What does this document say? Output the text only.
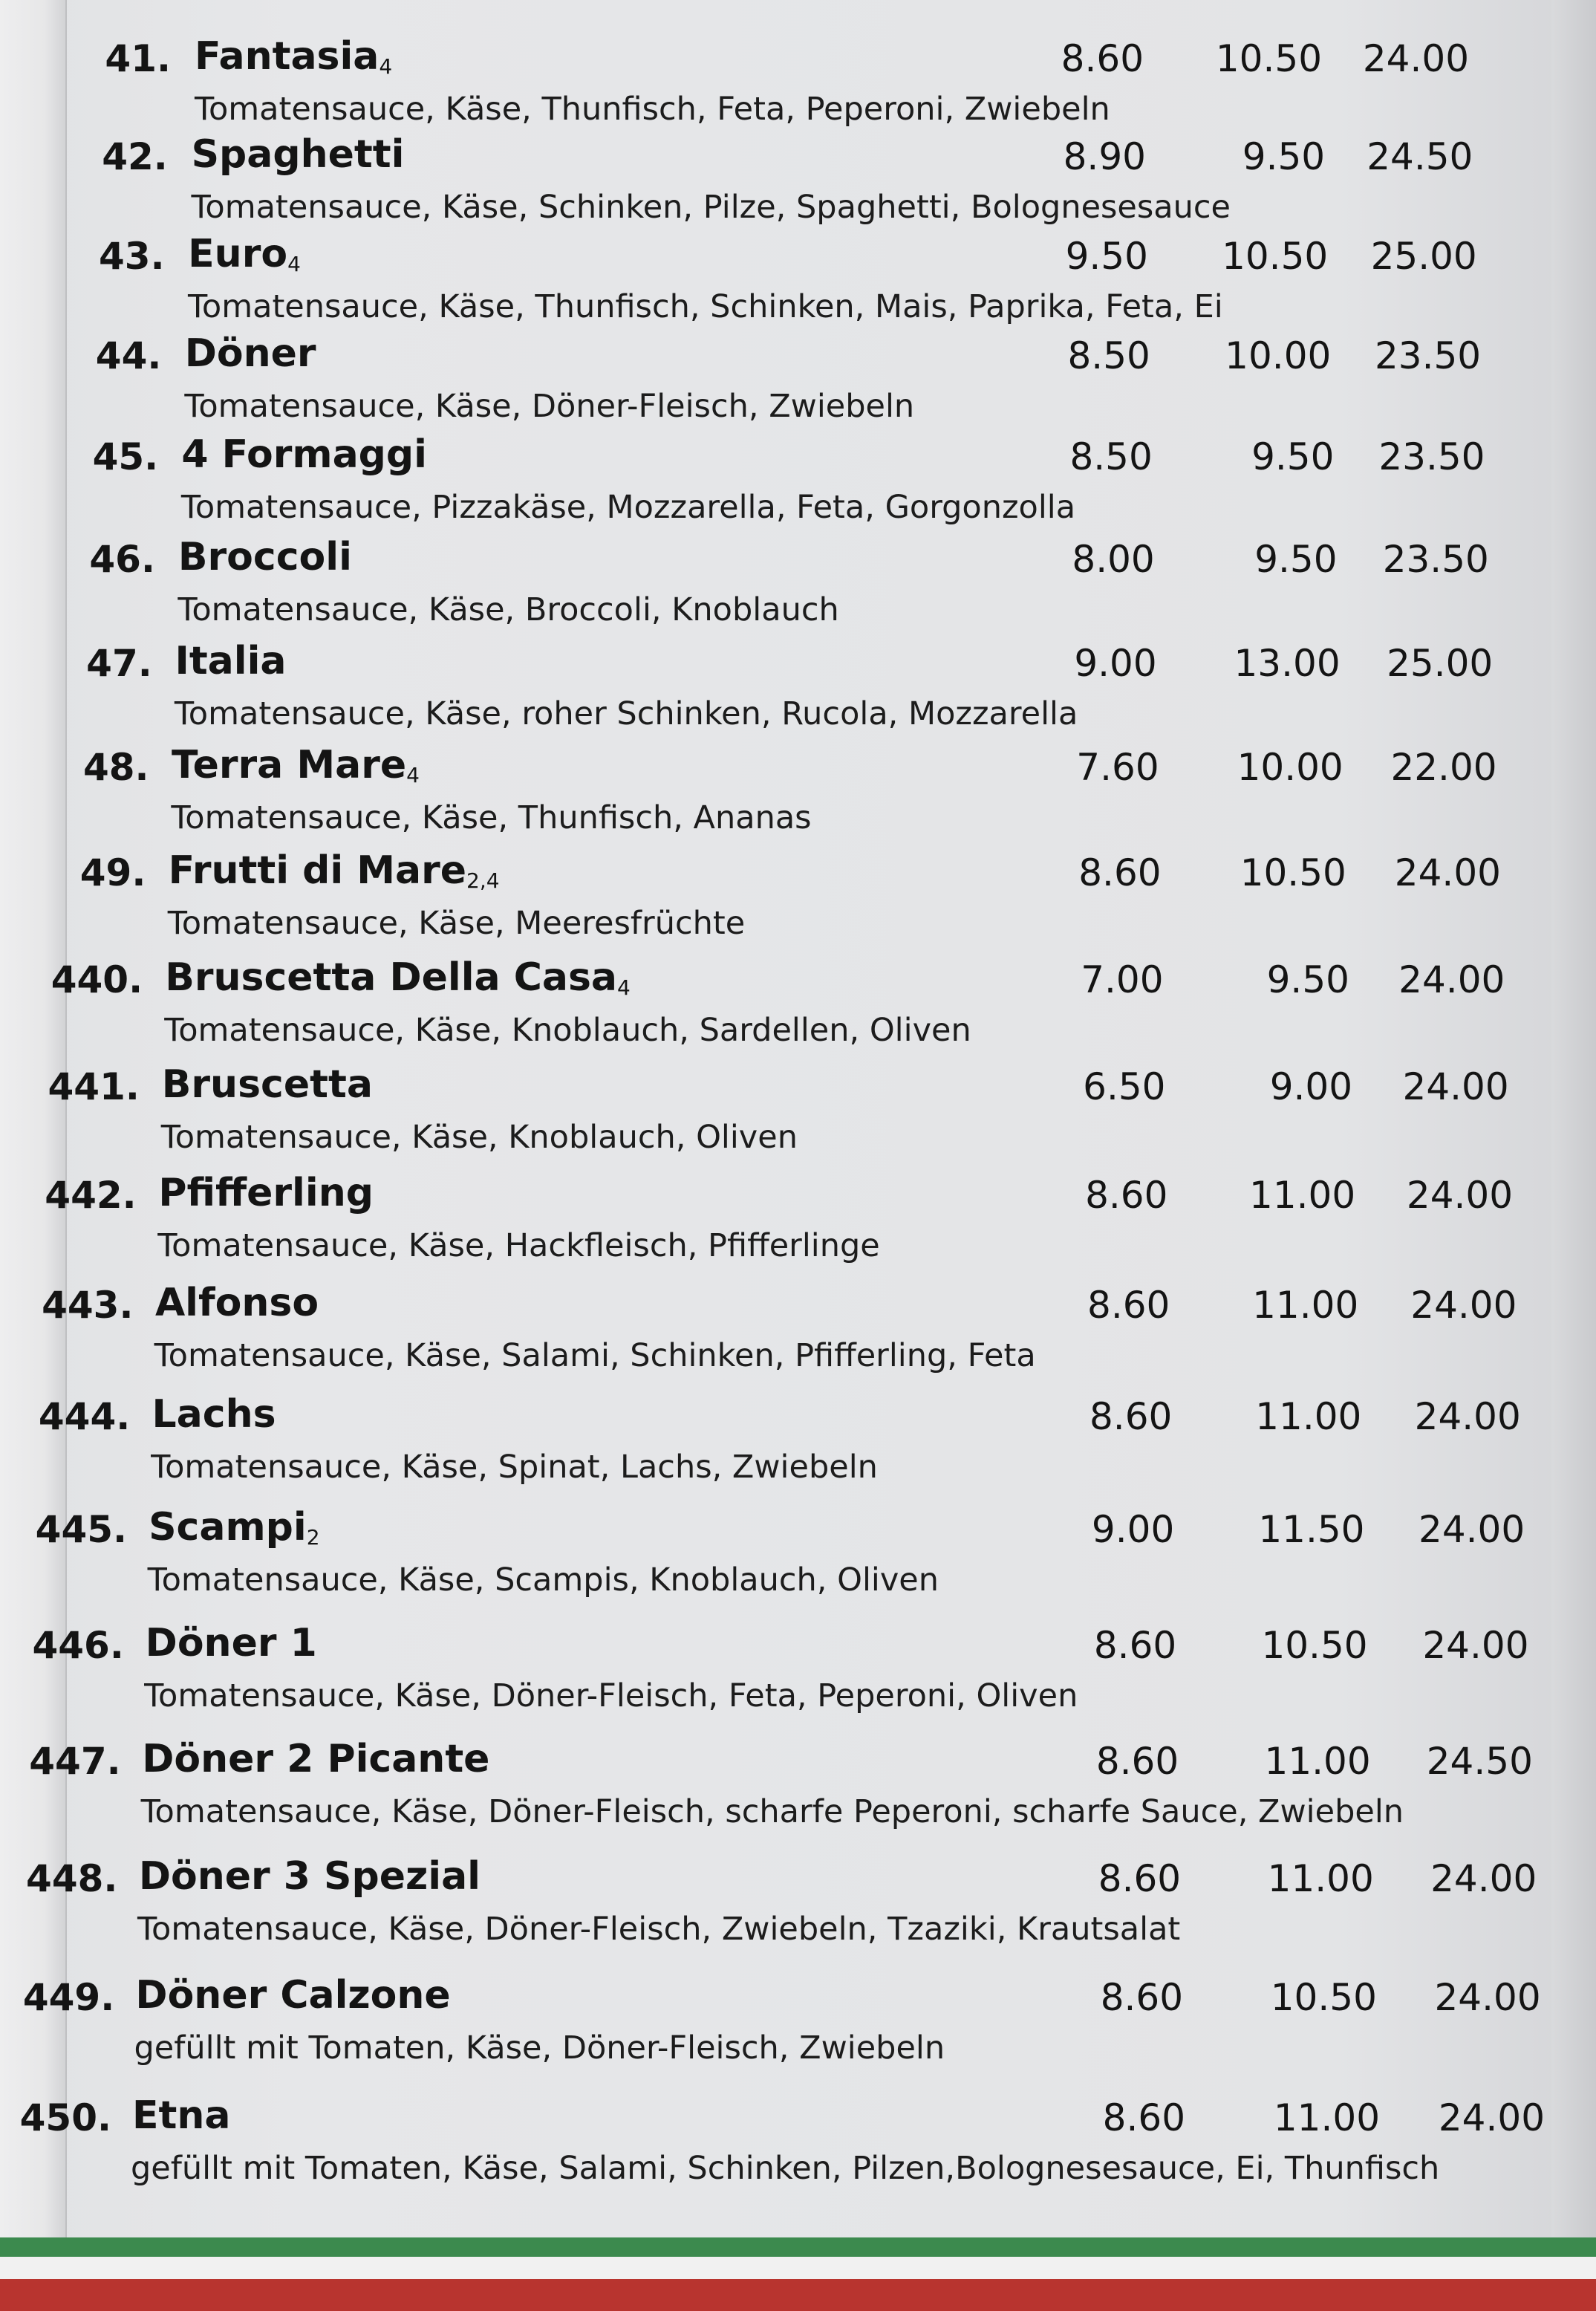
41. Fantasia$_4$	8.60	10.50	24.00
Tomatensauce, Käse, Thunfisch, Feta, Peperoni, Zwiebeln
42. Spaghetti	8.90	9.50	24.50
Tomatensauce, Käse, Schinken, Pilze, Spaghetti, Bolognesesauce
43. Euro$_4$	9.50	10.50	25.00
Tomatensauce, Käse, Thunfisch, Schinken, Mais, Paprika, Feta, Ei
44. Döner	8.50	10.00	23.50
Tomatensauce, Käse, Döner-Fleisch, Zwiebeln
45. 4 Formaggi	8.50	9.50	23.50
Tomatensauce, Pizzakäse, Mozzarella, Feta, Gorgonzolla
46. Broccoli	8.00	9.50	23.50
Tomatensauce, Käse, Broccoli, Knoblauch
47. Italia	9.00	13.00	25.00
Tomatensauce, Käse, roher Schinken, Rucola, Mozzarella
48. Terra Mare$_4$	7.60	10.00	22.00
Tomatensauce, Käse, Thunfisch, Ananas
49. Frutti di Mare$_{2,4}$	8.60	10.50	24.00
Tomatensauce, Käse, Meeresfrüchte
440. Bruscetta Della Casa$_4$	7.00	9.50	24.00
Tomatensauce, Käse, Knoblauch, Sardellen, Oliven
441. Bruscetta	6.50	9.00	24.00
Tomatensauce, Käse, Knoblauch, Oliven
442. Pfifferling	8.60	11.00	24.00
Tomatensauce, Käse, Hackfleisch, Pfifferlinge
443. Alfonso	8.60	11.00	24.00
Tomatensauce, Käse, Salami, Schinken, Pfifferling, Feta
444. Lachs	8.60	11.00	24.00
Tomatensauce, Käse, Spinat, Lachs, Zwiebeln
445. Scampi$_2$	9.00	11.50	24.00
Tomatensauce, Käse, Scampis, Knoblauch, Oliven
446. Döner 1	8.60	10.50	24.00
Tomatensauce, Käse, Döner-Fleisch, Feta, Peperoni, Oliven
447. Döner 2 Picante	8.60	11.00	24.50
Tomatensauce, Käse, Döner-Fleisch, scharfe Peperoni, scharfe Sauce, Zwiebeln
448. Döner 3 Spezial	8.60	11.00	24.00
Tomatensauce, Käse, Döner-Fleisch, Zwiebeln, Tzaziki, Krautsalat
449. Döner Calzone	8.60	10.50	24.00
gefüllt mit Tomaten, Käse, Döner-Fleisch, Zwiebeln
450. Etna	8.60	11.00	24.00
gefüllt mit Tomaten, Käse, Salami, Schinken, Pilzen,Bolognesesauce, Ei, Thunfisch
